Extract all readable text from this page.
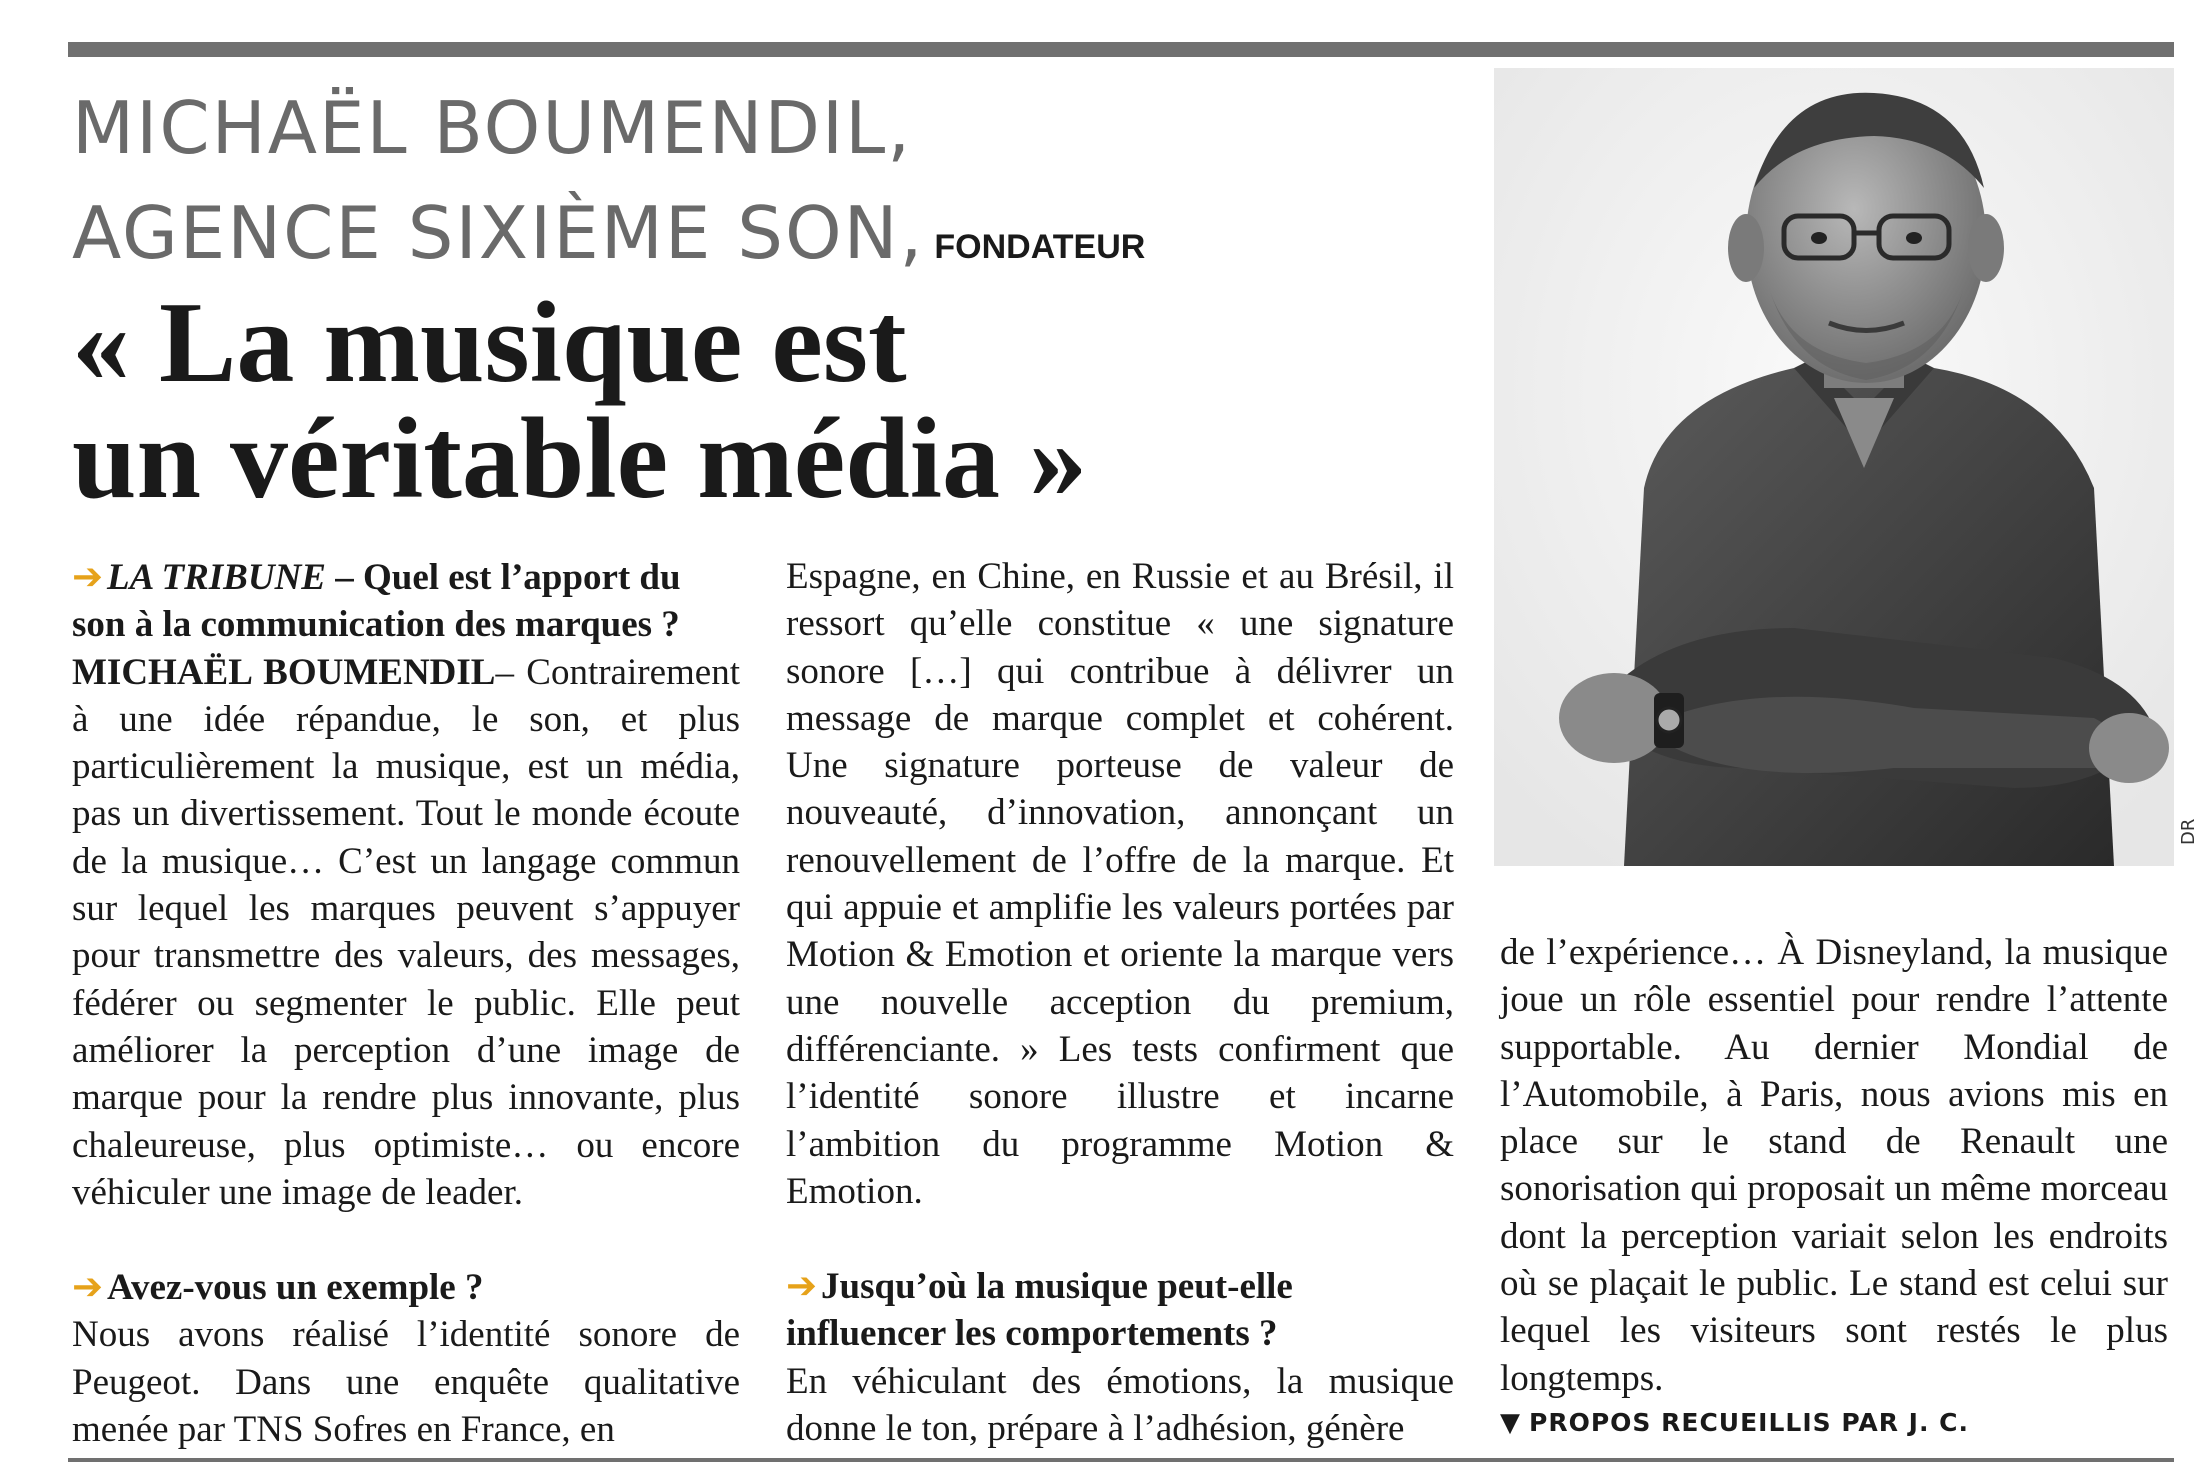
MICHAËL BOUMENDIL,
AGENCE SIXIÈME SON, FONDATEUR
« La musique est
un véritable média »
DR

➔ LA TRIBUNE – Quel est l’apport du son à la communication des marques ?

MICHAËL BOUMENDIL– Contrairement à une idée répandue, le son, et plus particulièrement la musique, est un média, pas un divertissement. Tout le monde écoute de la musique… C’est un langage commun sur lequel les marques peuvent s’appuyer pour transmettre des valeurs, des messages, fédérer ou segmenter le public. Elle peut améliorer la perception d’une image de marque pour la rendre plus innovante, plus chaleureuse, plus optimiste… ou encore véhiculer une image de leader.

➔ Avez-vous un exemple ?

Nous avons réalisé l’identité sonore de Peugeot. Dans une enquête qualitative menée par TNS Sofres en France, en

Espagne, en Chine, en Russie et au Brésil, il ressort qu’elle constitue « une signature sonore […] qui contribue à délivrer un message de marque complet et cohérent. Une signature porteuse de valeur de nouveauté, d’innovation, annonçant un renouvellement de l’offre de la marque. Et qui appuie et amplifie les valeurs portées par Motion & Emotion et oriente la marque vers une nouvelle acception du premium, différenciante. » Les tests confirment que l’identité sonore illustre et incarne l’ambition du programme Motion & Emotion.

➔ Jusqu’où la musique peut-elle influencer les comportements ?

En véhiculant des émotions, la musique donne le ton, prépare à l’adhésion, génère

de l’expérience… À Disneyland, la musique joue un rôle essentiel pour rendre l’attente supportable. Au dernier Mondial de l’Automobile, à Paris, nous avions mis en place sur le stand de Renault une sonorisation qui proposait un même morceau dont la perception variait selon les endroits où se plaçait le public. Le stand est celui sur lequel les visiteurs sont restés le plus longtemps.

▼ PROPOS RECUEILLIS PAR J. C.
